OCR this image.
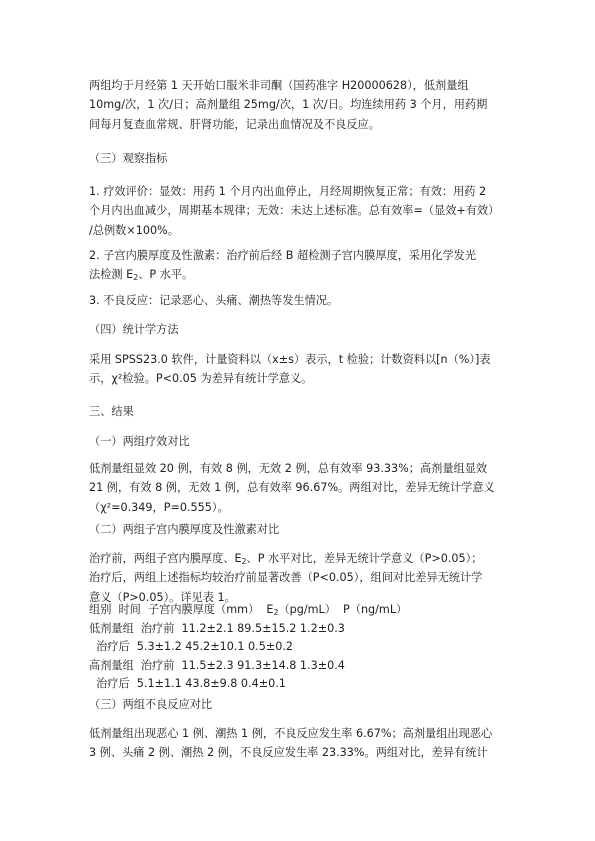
两组均于月经第 1 天开始口服米非司酮（国药准字 H20000628），低剂量组
10mg/次，1 次/日；高剂量组 25mg/次，1 次/日。均连续用药 3 个月，用药期
间每月复查血常规、肝肾功能，记录出血情况及不良反应。
（三）观察指标
1. 疗效评价：显效：用药 1 个月内出血停止，月经周期恢复正常；有效：用药 2
个月内出血减少，周期基本规律；无效：未达上述标准。总有效率=（显效+有效）
/总例数×100%。
2. 子宫内膜厚度及性激素：治疗前后经 B 超检测子宫内膜厚度，采用化学发光
法检测 $E_2$、P 水平。
3. 不良反应：记录恶心、头痛、潮热等发生情况。
（四）统计学方法
采用 SPSS23.0 软件，计量资料以（x±s）表示，t 检验；计数资料以[n（%）]表
示，χ²检验。P<0.05 为差异有统计学意义。
三、结果
（一）两组疗效对比
低剂量组显效 20 例，有效 8 例，无效 2 例，总有效率 93.33%；高剂量组显效
21 例，有效 8 例，无效 1 例，总有效率 96.67%。两组对比，差异无统计学意义
（χ²=0.349，P=0.555）。
（二）两组子宫内膜厚度及性激素对比
治疗前，两组子宫内膜厚度、$E_2$、P 水平对比，差异无统计学意义（P>0.05）；
治疗后，两组上述指标均较治疗前显著改善（P<0.05），组间对比差异无统计学
意义（P>0.05）。详见表 1。
组别  时间  子宫内膜厚度（mm）  $E_2(pg/mL)$  P（ng/mL）
低剂量组  治疗前  11.2±2.1 89.5±15.2 1.2±0.3
治疗后  5.3±1.2 45.2±10.1 0.5±0.2
高剂量组  治疗前  11.5±2.3 91.3±14.8 1.3±0.4
治疗后  5.1±1.1 43.8±9.8 0.4±0.1
（三）两组不良反应对比
低剂量组出现恶心 1 例、潮热 1 例，不良反应发生率 6.67%；高剂量组出现恶心
3 例、头痛 2 例、潮热 2 例，不良反应发生率 23.33%。两组对比，差异有统计
